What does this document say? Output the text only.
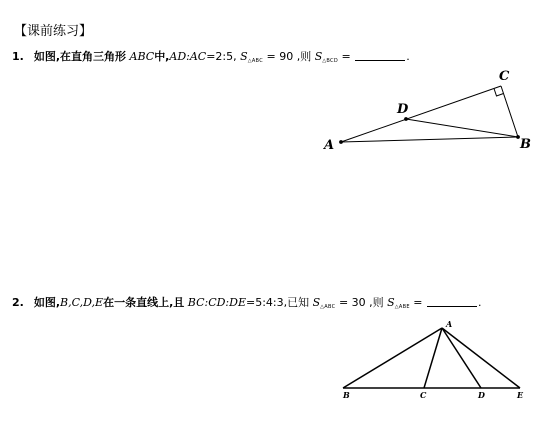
【课前练习】
1. 如图,在直角三角形 ABC中,AD:AC=2:5, $S_{\triangle ABC} = 90$ ,则 $S_{\triangle BCD}$ =	.
2. 如图,B,C,D,E在一条直线上,且 BC:CD:DE=5:4:3,已知 $S_{\triangle ABC} = 30$ ,则 $S_{\triangle ABE}$ =	.
A	B
C
D
A
B	C	D	E
